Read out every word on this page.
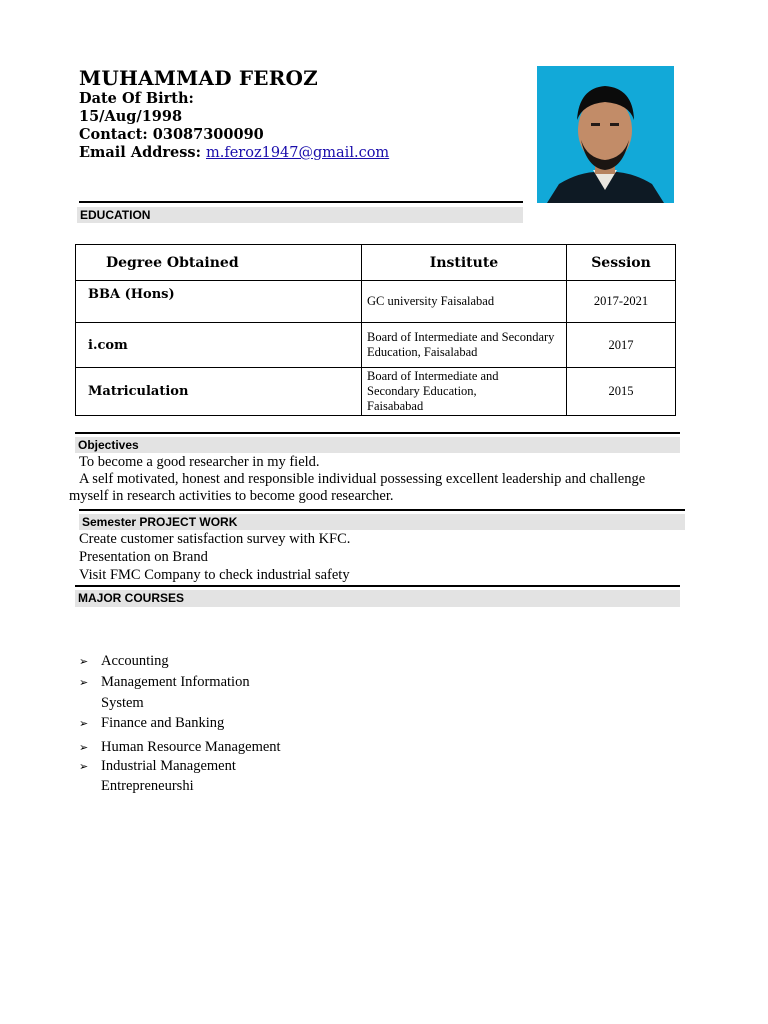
MUHAMMAD FEROZ
Date Of Birth:
15/Aug/1998
Contact: 03087300090
Email Address: m.feroz1947@gmail.com
EDUCATION
Degree Obtained	Institute	Session
BBA (Hons)	GC university Faisalabad	2017-2021
i.com	Board of Intermediate and Secondary Education, Faisalabad	2017
Matriculation	Board of Intermediate and Secondary Education, Faisababad	2015
Objectives
To become a good researcher in my field.
A self motivated, honest and responsible individual possessing excellent leadership and challenge
myself in research activities to become good researcher.
Semester PROJECT WORK
Create customer satisfaction survey with KFC.
Presentation on Brand
Visit FMC Company to check industrial safety
MAJOR COURSES
➢ Accounting
➢ Management Information
System
➢ Finance and Banking
➢ Human Resource Management
➢ Industrial Management
Entrepreneurshi
